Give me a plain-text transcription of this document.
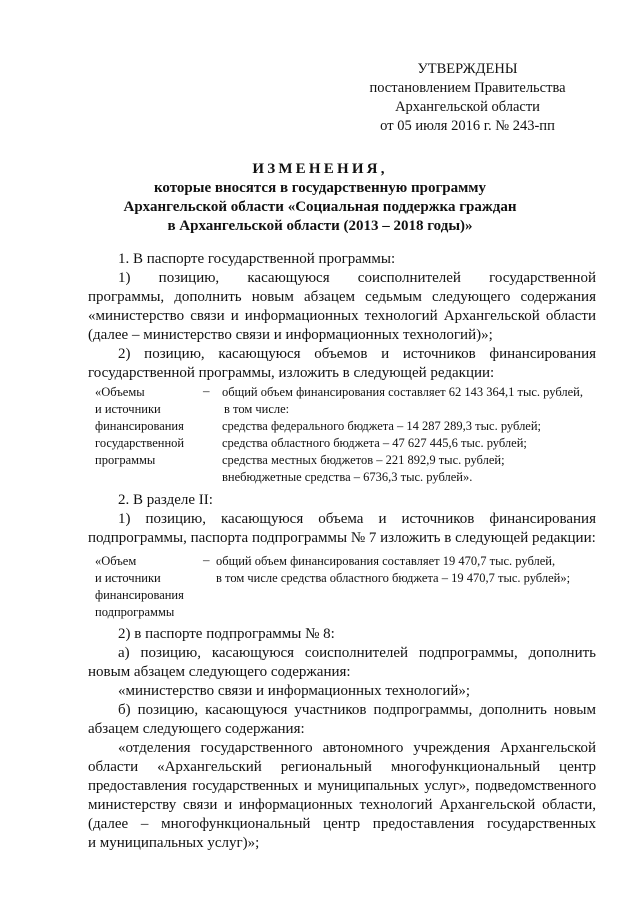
УТВЕРЖДЕНЫ
постановлением Правительства
Архангельской области
от 05 июля 2016 г. № 243-пп
ИЗМЕНЕНИЯ,
которые вносятся в государственную программу
Архангельской области «Социальная поддержка граждан
в Архангельской области (2013 – 2018 годы)»
1. В паспорте государственной программы:
1) позицию, касающуюся соисполнителей государственной
программы, дополнить новым абзацем седьмым следующего содержания
«министерство связи и информационных технологий Архангельской области
(далее – министерство связи и информационных технологий)»;
2) позицию, касающуюся объемов и источников финансирования
государственной программы, изложить в следующей редакции:
«Объемы
и источники
финансирования
государственной
программы
– общий объем финансирования составляет 62 143 364,1 тыс. рублей,
в том числе:
средства федерального бюджета – 14 287 289,3 тыс. рублей;
средства областного бюджета – 47 627 445,6 тыс. рублей;
средства местных бюджетов – 221 892,9 тыс. рублей;
внебюджетные средства – 6736,3 тыс. рублей».
2. В разделе II:
1) позицию, касающуюся объема и источников финансирования
подпрограммы, паспорта подпрограммы № 7 изложить в следующей редакции:
«Объем
и источники
финансирования
подпрограммы
– общий объем финансирования составляет 19 470,7 тыс. рублей,
в том числе средства областного бюджета – 19 470,7 тыс. рублей»;
2) в паспорте подпрограммы № 8:
а) позицию, касающуюся соисполнителей подпрограммы, дополнить
новым абзацем следующего содержания:
«министерство связи и информационных технологий»;
б) позицию, касающуюся участников подпрограммы, дополнить новым
абзацем следующего содержания:
«отделения государственного автономного учреждения Архангельской
области «Архангельский региональный многофункциональный центр
предоставления государственных и муниципальных услуг», подведомственного
министерству связи и информационных технологий Архангельской области,
(далее – многофункциональный центр предоставления государственных
и муниципальных услуг)»;
